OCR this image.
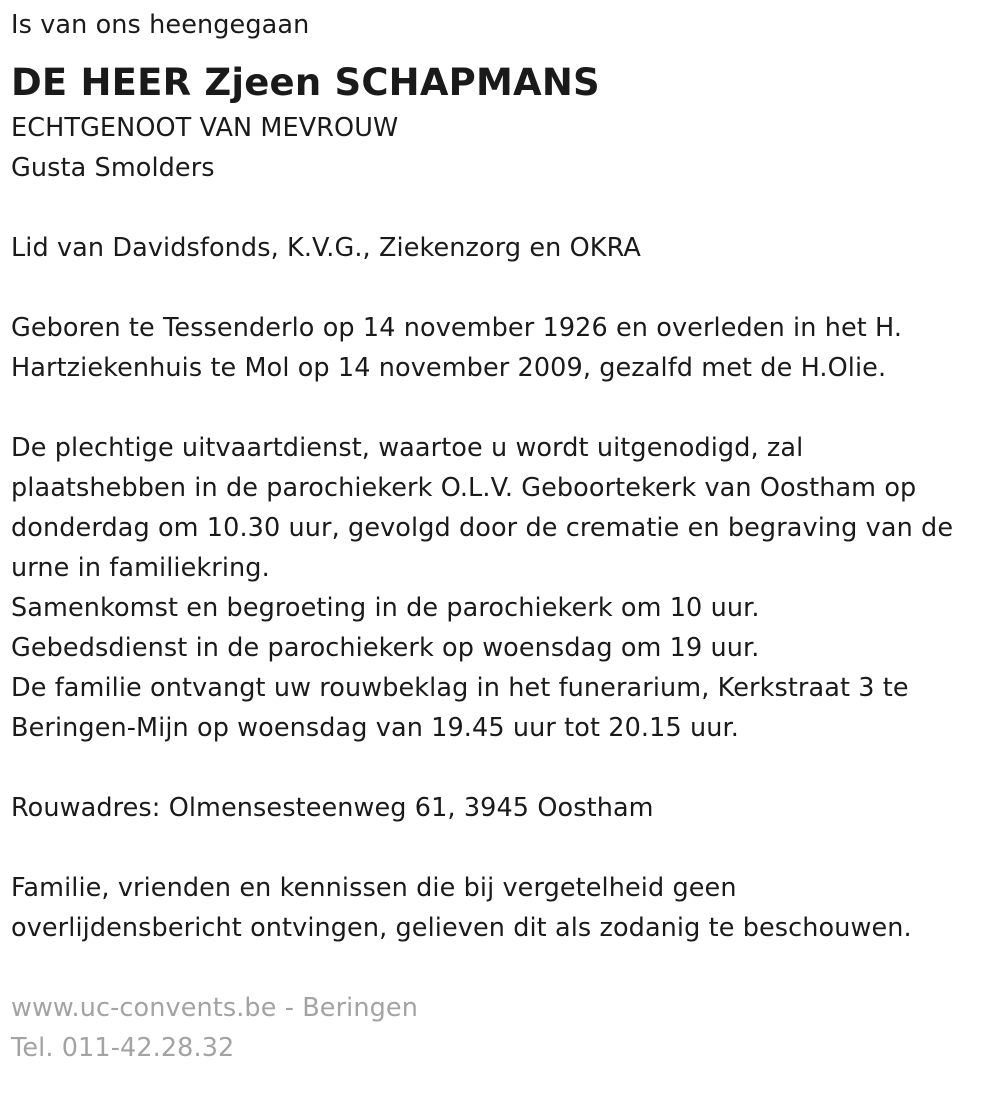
Is van ons heengegaan
DE HEER Zjeen SCHAPMANS
ECHTGENOOT VAN MEVROUW
Gusta Smolders
Lid van Davidsfonds, K.V.G., Ziekenzorg en OKRA
Geboren te Tessenderlo op 14 november 1926 en overleden in het H.
Hartziekenhuis te Mol op 14 november 2009, gezalfd met de H.Olie.
De plechtige uitvaartdienst, waartoe u wordt uitgenodigd, zal
plaatshebben in de parochiekerk O.L.V. Geboortekerk van Oostham op
donderdag om 10.30 uur, gevolgd door de crematie en begraving van de
urne in familiekring.
Samenkomst en begroeting in de parochiekerk om 10 uur.
Gebedsdienst in de parochiekerk op woensdag om 19 uur.
De familie ontvangt uw rouwbeklag in het funerarium, Kerkstraat 3 te
Beringen-Mijn op woensdag van 19.45 uur tot 20.15 uur.
Rouwadres: Olmensesteenweg 61, 3945 Oostham
Familie, vrienden en kennissen die bij vergetelheid geen
overlijdensbericht ontvingen, gelieven dit als zodanig te beschouwen.
www.uc-convents.be - Beringen
Tel. 011-42.28.32
